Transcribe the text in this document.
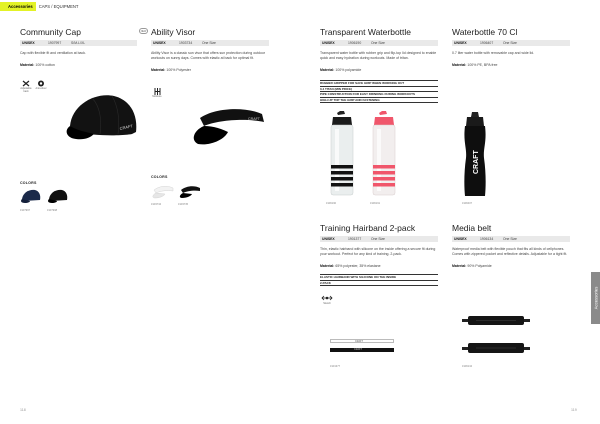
Accessories	CAPS / EQUIPMENT
Community Cap
UNISEX	1907997	S/M-L/XL
Cap with flexible fit and ventilation at back.
Material: 100% cotton
Adjustable back
Anti-odour
CRAFT
COLORS
1907997	1907998
NEW Ability Visor
UNISEX	1903734	One Size
Ability Visor is a classic sun visor that offers sun protection during outdoor workouts on sunny days. Comes with elastic at back for optimal fit.
Material: 100% Polyester
Moisture
CRAFT
COLORS
1903734	1903735
Transparent Waterbottle
UNISEX	1906190	One Size
Transparent water bottle with rubber grip and flip-top lid designed to enable quick and easy hydration during workouts. Made of tritan.
Material: 100% polyamide
RUBBER GRIPPER FOR SAFE GRIP WHEN WORKING OUT
0.4 TITAN (MIN PRICE)
PIPE CONSTRUCTION FOR EASY DRINKING DURING WORKOUTS
HIGH-UP TOP THE GRIP AND FASTENING
1906190	1906191
Waterbottle 70 Cl
UNISEX	1906407	One Size
0.7 liter water bottle with removable cap and wide lid.
Material: 100% PE, BPA free
CRAFT
1906407
Training Hairband 2-pack
UNISEX	1901377	One Size
Thin, elastic hairband with silicone on the inside offering a secure fit during your workout. Perfect for any kind of training. 2-pack.
Material: 65% polyester, 35% elastane
ELASTIC HAIRBAND WITH SILICONE ON THE INSIDE
2-PACK
Stretch
CRAFT
CRAFT
1901377
Media belt
UNISEX	1906134	One Size
Waterproof media belt with flexible pouch that fits all kinds of cellphones. Comes with zippered pocket and reflective details. Adjustable for a tight fit.
Material: 90% Polyamide
1906134
Accessories
118	119
